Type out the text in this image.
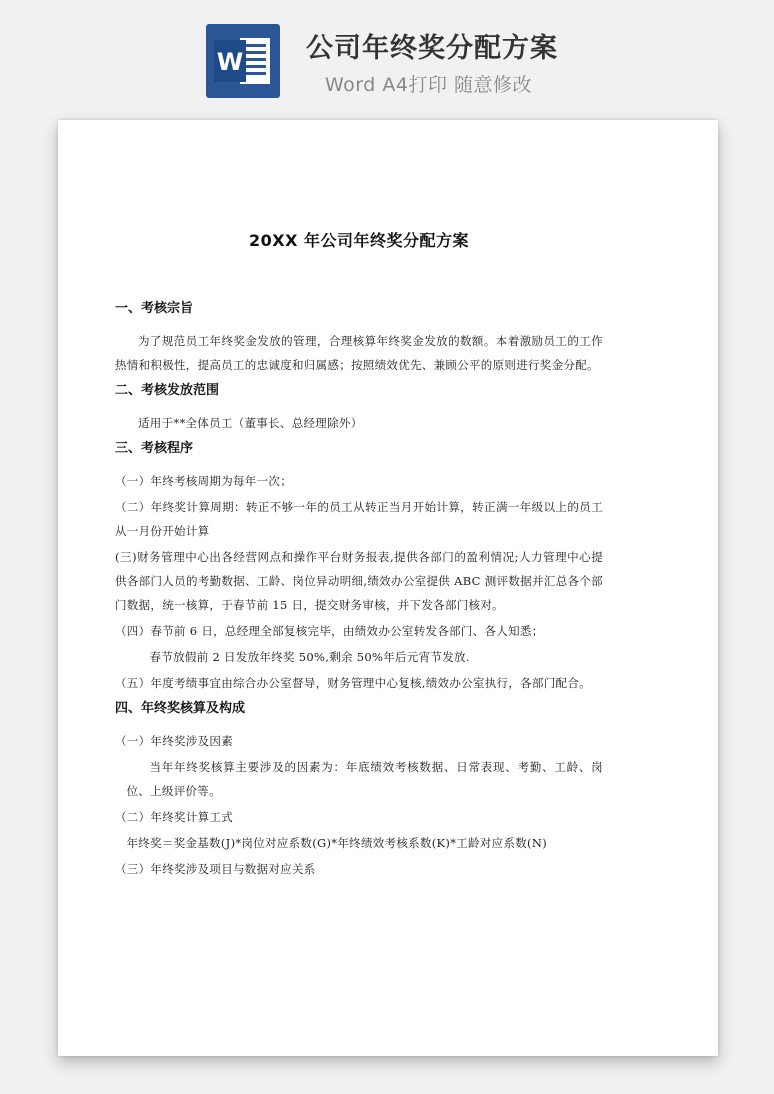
W 公司年终奖分配方案
Word A4打印 随意修改
20XX 年公司年终奖分配方案
一、考核宗旨

为了规范员工年终奖金发放的管理，合理核算年终奖金发放的数额。本着激励员工的工作热情和积极性，提高员工的忠诚度和归属感；按照绩效优先、兼顾公平的原则进行奖金分配。

二、考核发放范围

适用于**全体员工（董事长、总经理除外）

三、考核程序

（一）年终考核周期为每年一次；

（二）年终奖计算周期：转正不够一年的员工从转正当月开始计算，转正满一年级以上的员工从一月份开始计算

(三)财务管理中心出各经营网点和操作平台财务报表,提供各部门的盈利情况;人力管理中心提供各部门人员的考勤数据、工龄、岗位异动明细,绩效办公室提供 ABC 测评数据并汇总各个部门数据，统一核算，于春节前 15 日，提交财务审核，并下发各部门核对。

（四）春节前 6 日，总经理全部复核完毕，由绩效办公室转发各部门、各人知悉；

春节放假前 2 日发放年终奖 50%,剩余 50%年后元宵节发放.

（五）年度考绩事宜由综合办公室督导，财务管理中心复核,绩效办公室执行，各部门配合。

四、年终奖核算及构成

（一）年终奖涉及因素

当年年终奖核算主要涉及的因素为：年底绩效考核数据、日常表现、考勤、工龄、岗位、上级评价等。

（二）年终奖计算工式

年终奖＝奖金基数(J)*岗位对应系数(G)*年终绩效考核系数(K)*工龄对应系数(N)

（三）年终奖涉及项目与数据对应关系
